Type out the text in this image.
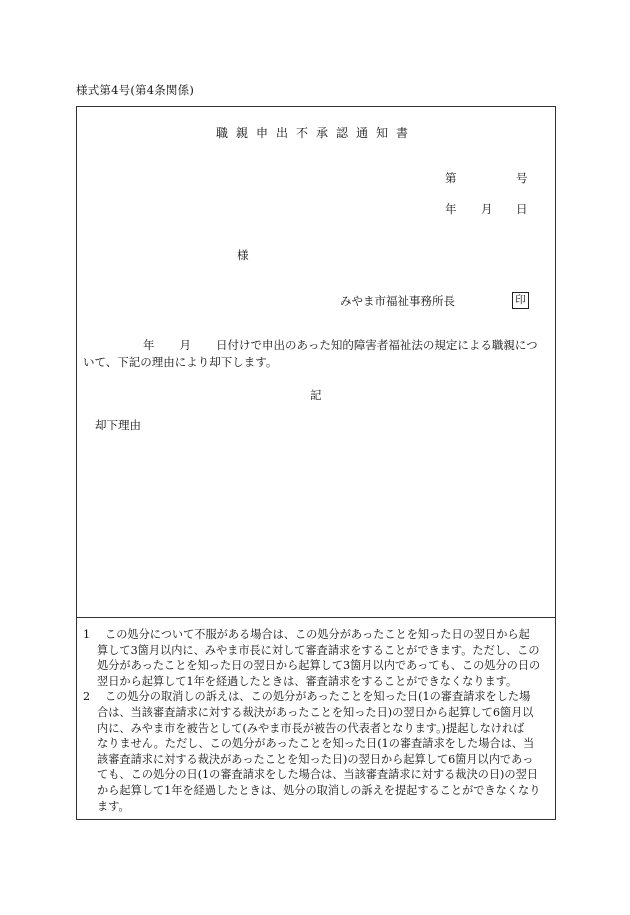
様式第4号(第4条関係)
職親申出不承認通知書
第	号
年 月 日
様
みやま市福祉事務所長	印
年 月 日付けで申出のあった知的障害者福祉法の規定による職親につ
いて、下記の理由により却下します。
記
却下理由
1	この処分について不服がある場合は、この処分があったことを知った日の翌日から起
算して3箇月以内に、みやま市長に対して審査請求をすることができます。ただし、この
処分があったことを知った日の翌日から起算して3箇月以内であっても、この処分の日の
翌日から起算して1年を経過したときは、審査請求をすることができなくなります。
2	この処分の取消しの訴えは、この処分があったことを知った日(1の審査請求をした場
合は、当該審査請求に対する裁決があったことを知った日)の翌日から起算して6箇月以
内に、みやま市を被告として(みやま市長が被告の代表者となります。)提起しなければ
なりません。ただし、この処分があったことを知った日(1の審査請求をした場合は、当
該審査請求に対する裁決があったことを知った日)の翌日から起算して6箇月以内であっ
ても、この処分の日(1の審査請求をした場合は、当該審査請求に対する裁決の日)の翌日
から起算して1年を経過したときは、処分の取消しの訴えを提起することができなくなり
ます。
